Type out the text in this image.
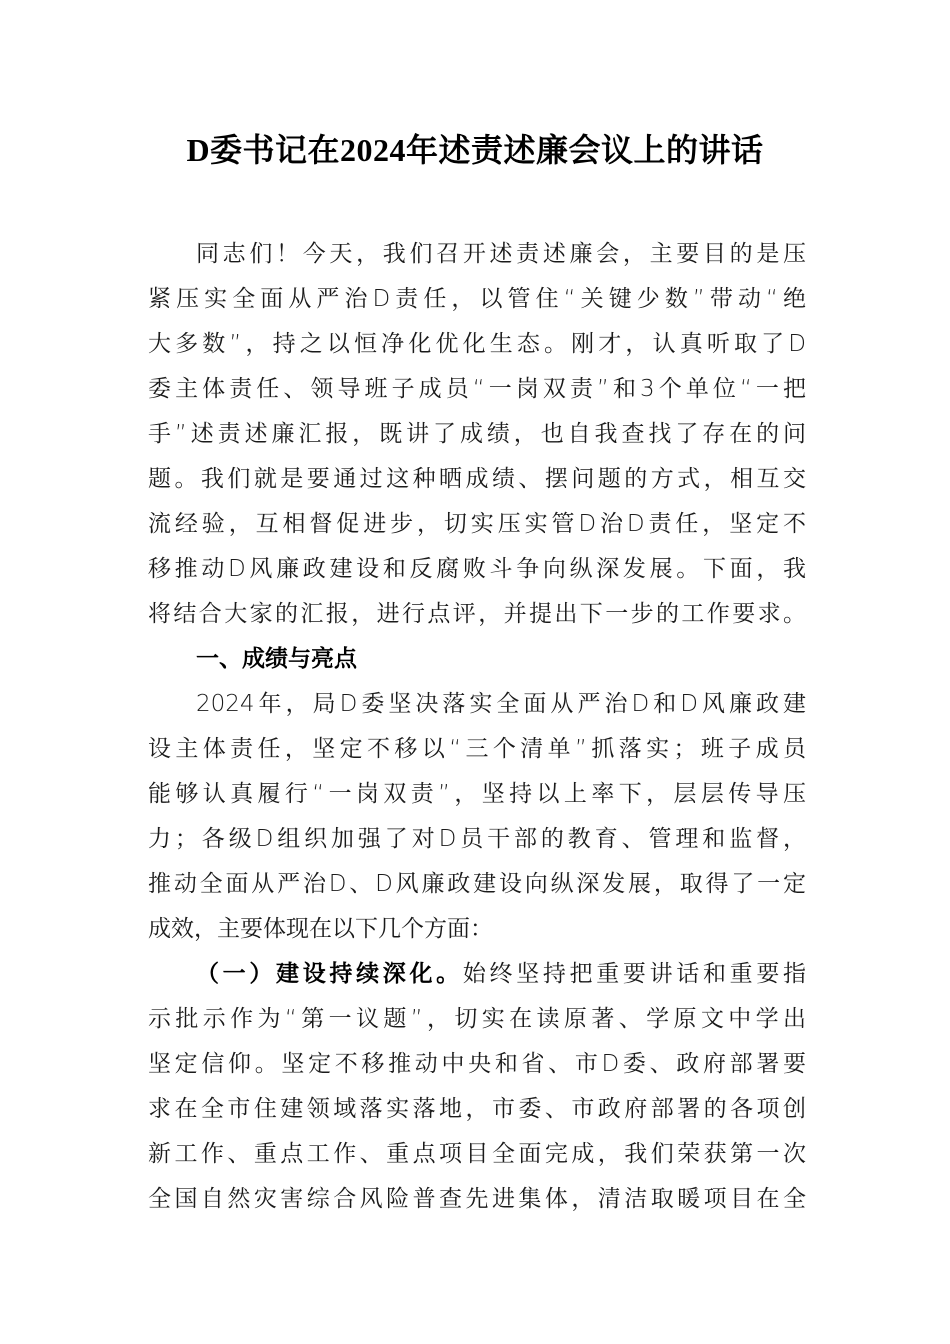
D委书记在2024年述责述廉会议上的讲话
同志们！今天，我们召开述责述廉会，主要目的是压
紧压实全面从严治D责任，以管住“关键少数”带动“绝
大多数”，持之以恒净化优化生态。刚才，认真听取了D
委主体责任、领导班子成员“一岗双责”和3个单位“一把
手”述责述廉汇报，既讲了成绩，也自我查找了存在的问
题。我们就是要通过这种晒成绩、摆问题的方式，相互交
流经验，互相督促进步，切实压实管D治D责任，坚定不
移推动D风廉政建设和反腐败斗争向纵深发展。下面，我
将结合大家的汇报，进行点评，并提出下一步的工作要求。
一、成绩与亮点
2024年，局D委坚决落实全面从严治D和D风廉政建
设主体责任，坚定不移以“三个清单”抓落实；班子成员
能够认真履行“一岗双责”，坚持以上率下，层层传导压
力；各级D组织加强了对D员干部的教育、管理和监督，
推动全面从严治D、D风廉政建设向纵深发展，取得了一定
成效，主要体现在以下几个方面：
（一）建设持续深化。始终坚持把重要讲话和重要指
示批示作为“第一议题”，切实在读原著、学原文中学出
坚定信仰。坚定不移推动中央和省、市D委、政府部署要
求在全市住建领域落实落地，市委、市政府部署的各项创
新工作、重点工作、重点项目全面完成，我们荣获第一次
全国自然灾害综合风险普查先进集体，清洁取暖项目在全
